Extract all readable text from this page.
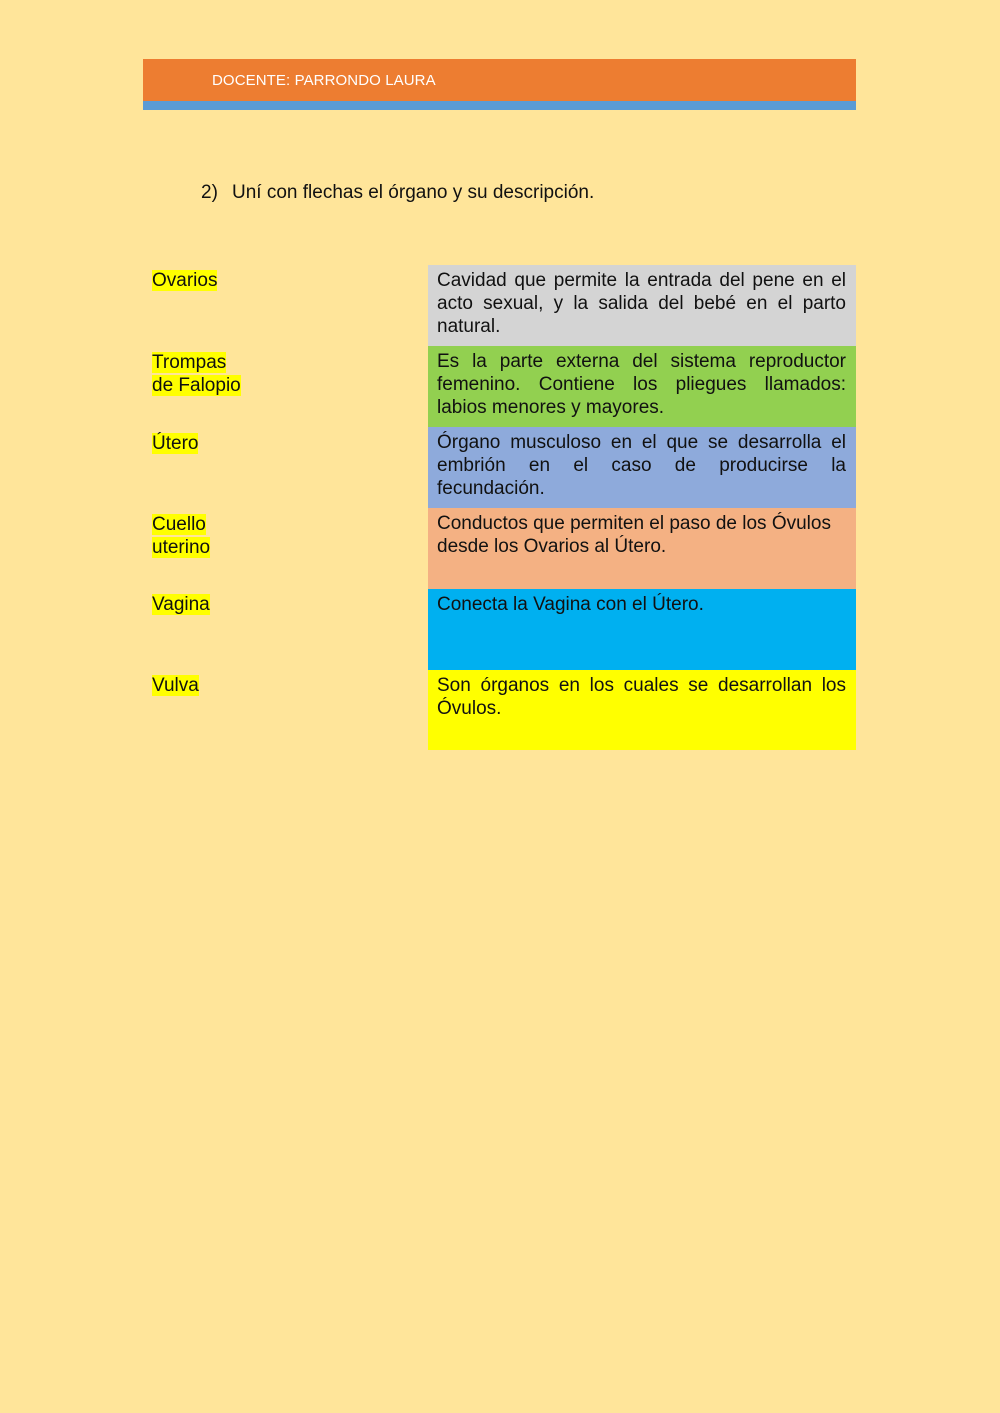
DOCENTE: PARRONDO LAURA
2) Uní con flechas el órgano y su descripción.
Ovarios
Trompas
de Falopio
Útero
Cuello
uterino
Vagina
Vulva
Cavidad que permite la entrada del pene en el acto sexual, y la salida del bebé en el parto natural.
Es la parte externa del sistema reproductor femenino. Contiene los pliegues llamados: labios menores y mayores.
Órgano musculoso en el que se desarrolla el embrión en el caso de producirse la fecundación.
Conductos que permiten el paso de los Óvulos desde los Ovarios al Útero.
Conecta la Vagina con el Útero.
Son órganos en los cuales se desarrollan los Óvulos.
